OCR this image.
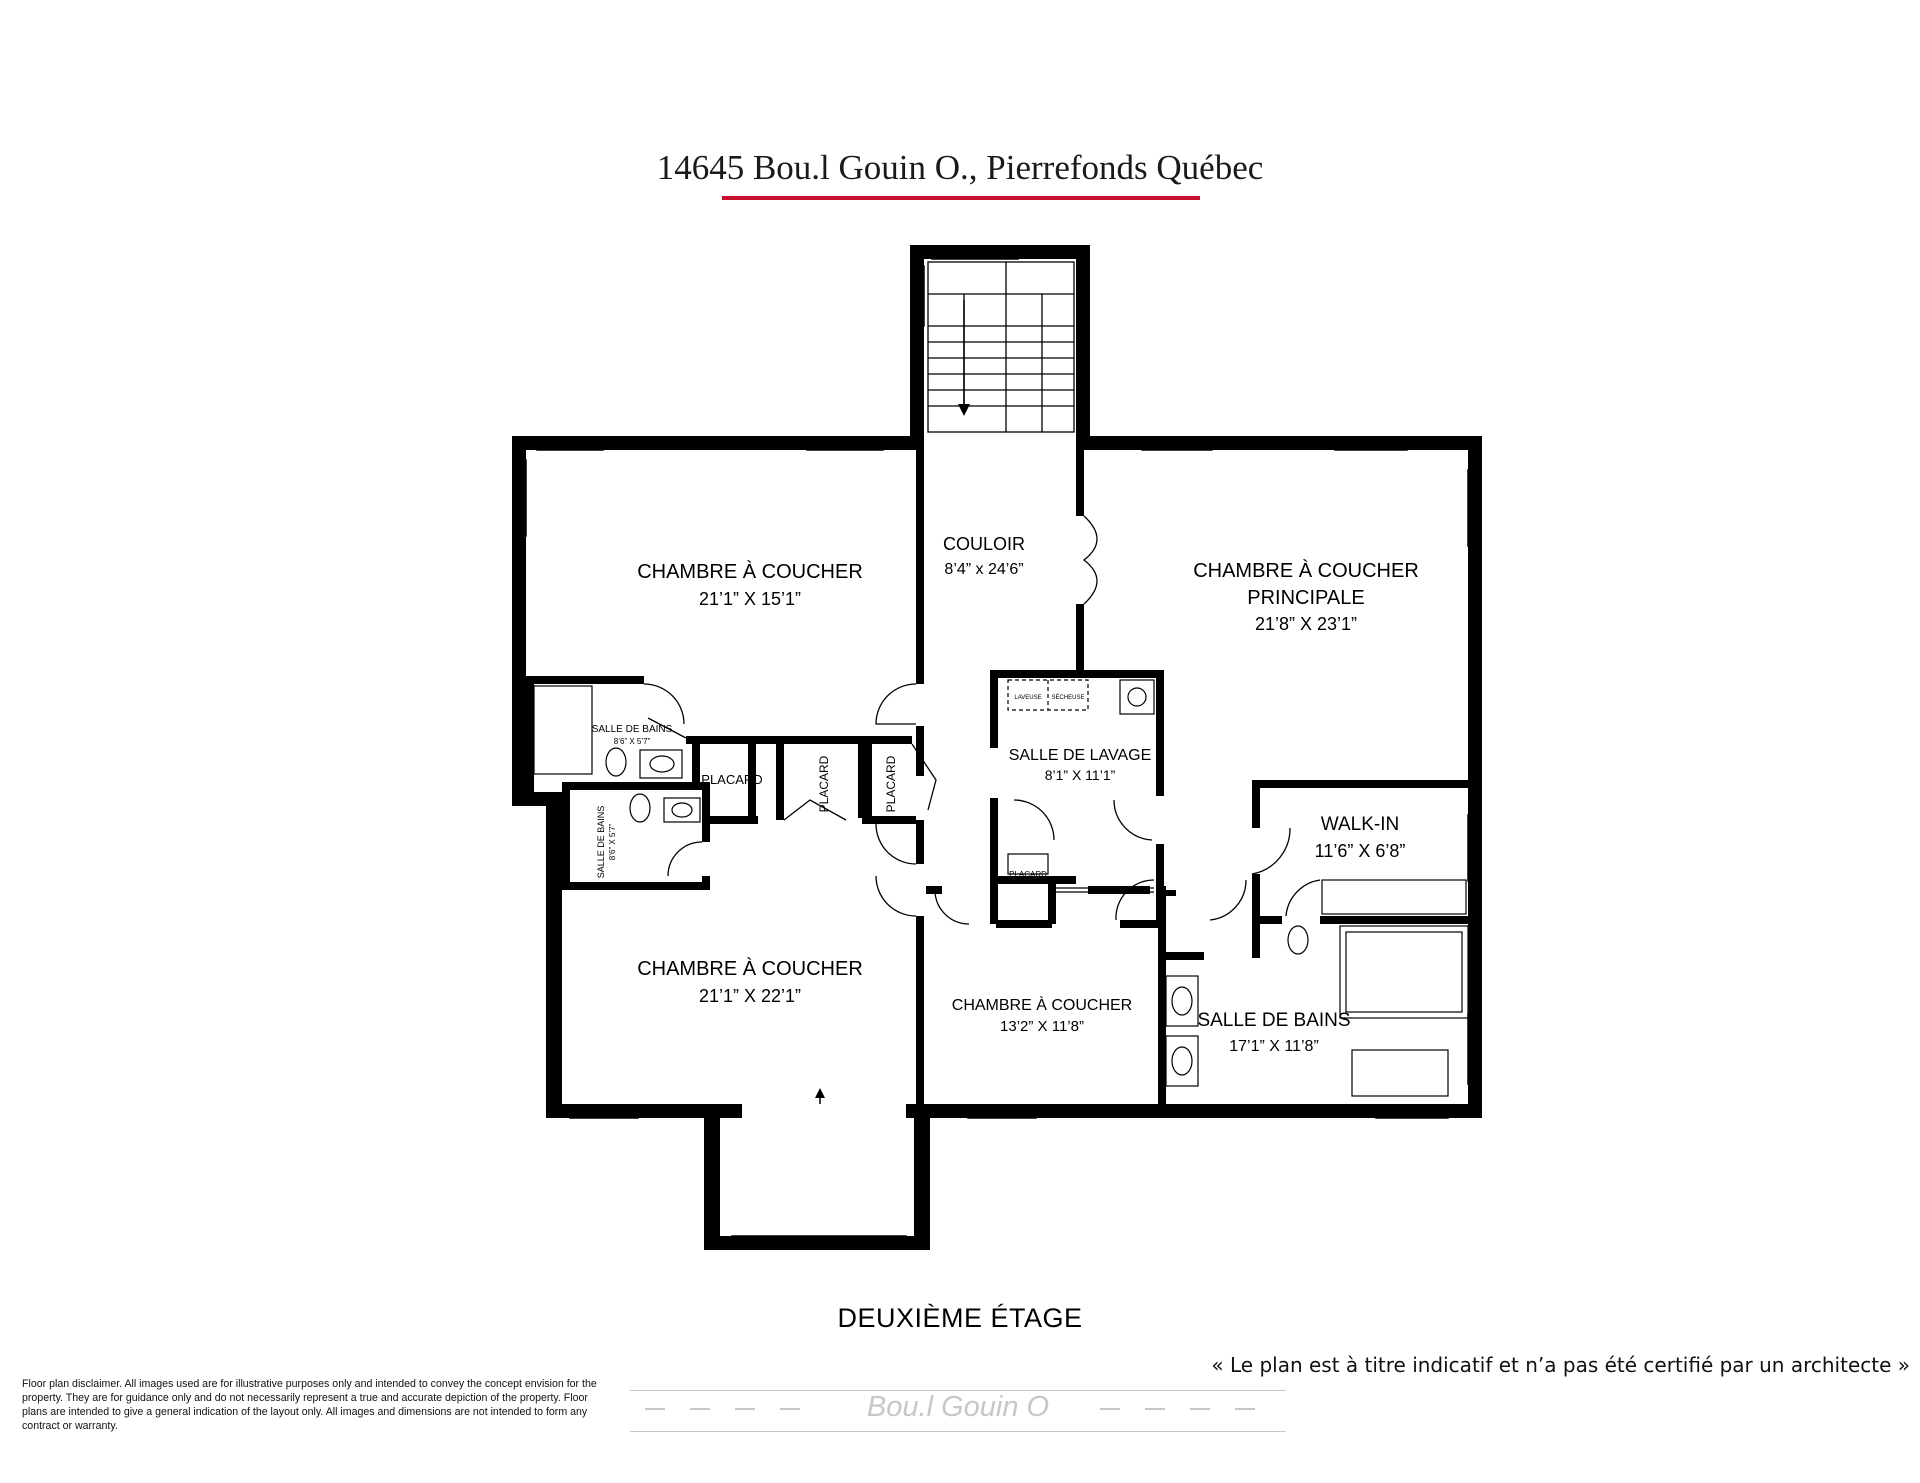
14645 Bou.l Gouin O., Pierrefonds Québec
CHAMBRE À COUCHER
21’1” X 15’1”
SALLE DE BAINS
8’6” X 5’7”
PLACARD	PLACARD	PLACARD
SALLE DE BAINS 8’6” X 5’7”
COULOIR
8’4” x 24’6”	CHAMBRE À COUCHER
PRINCIPALE
21’8” X 23’1”
SALLE DE LAVAGE
8’1” X 11’1”
LAVEUSE SÉCHEUSE
PLACARD
WALK-IN
11’6” X 6’8”
CHAMBRE À COUCHER
21’1” X 22’1”	CHAMBRE À COUCHER
13’2” X 11’8”	SALLE DE BAINS
17’1” X 11’8”
DEUXIÈME ÉTAGE
« Le plan est à titre indicatif et n’a pas été certifié par un architecte »
Floor plan disclaimer. All images used are for illustrative purposes only and intended to convey the concept envision for the property. They are for guidance only and do not necessarily represent a true and accurate depiction of the property. Floor plans are intended to give a general indication of the layout only. All images and dimensions are not intended to form any contract or warranty.
Bou.l Gouin O
